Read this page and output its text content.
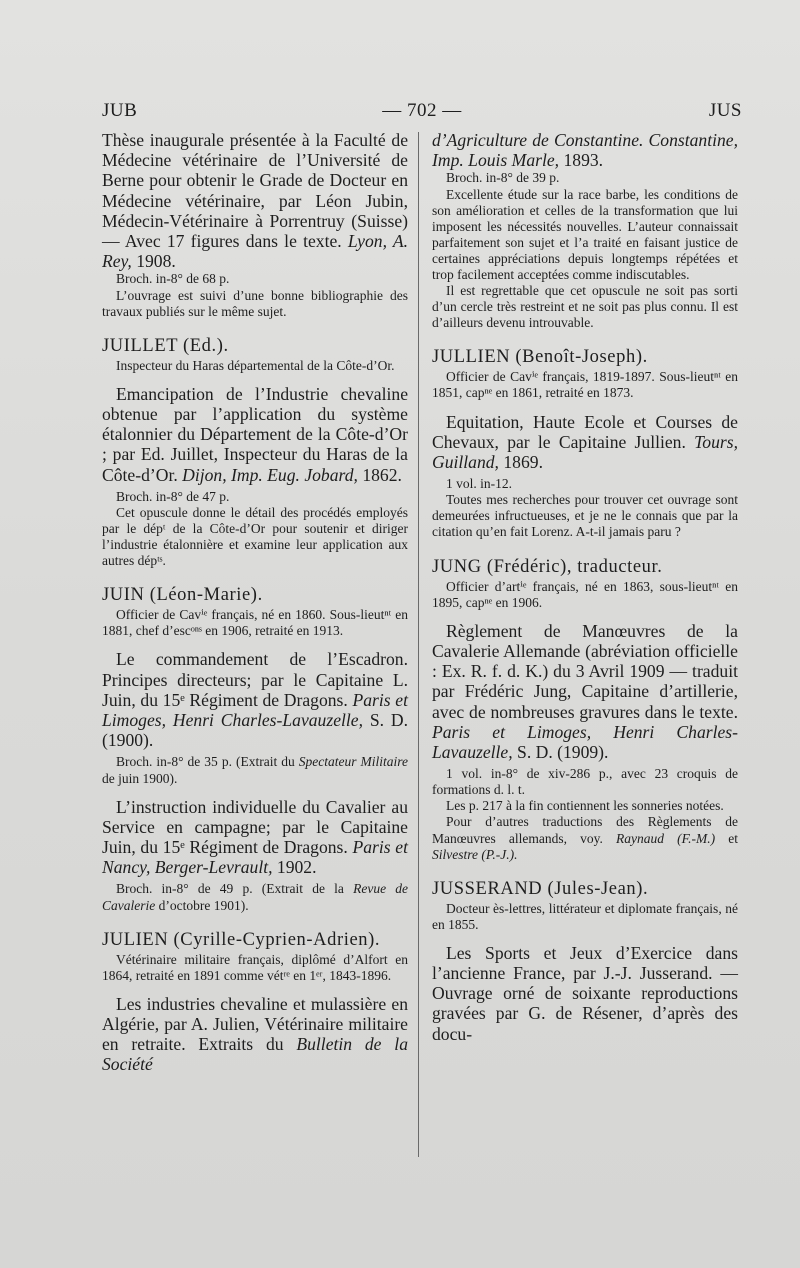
JUB	— 702 —	JUS

Thèse inaugurale présentée à la Faculté de Médecine vétérinaire de l’Université de Berne pour obtenir le Grade de Docteur en Médecine vétérinaire, par Léon Jubin, Médecin-Vétérinaire à Porrentruy (Suisse) — Avec 17 figures dans le texte. Lyon, A. Rey, 1908.

Broch. in-8° de 68 p.

L’ouvrage est suivi d’une bonne bibliographie des travaux publiés sur le même sujet.

JUILLET (Ed.).

Inspecteur du Haras départemental de la Côte-d’Or.

Emancipation de l’Industrie chevaline obtenue par l’application du système étalonnier du Département de la Côte-d’Or ; par Ed. Juillet, Inspecteur du Haras de la Côte-d’Or. Dijon, Imp. Eug. Jobard, 1862.

Broch. in-8° de 47 p.

Cet opuscule donne le détail des procédés employés par le dépᵗ de la Côte-d’Or pour soutenir et diriger l’industrie étalonnière et examine leur application aux autres dépᵗˢ.

JUIN (Léon-Marie).

Officier de Cavⁱᵉ français, né en 1860. Sous-lieutⁿᵗ en 1881, chef d’escᵒⁿˢ en 1906, retraité en 1913.

Le commandement de l’Escadron. Principes directeurs; par le Capitaine L. Juin, du 15ᵉ Régiment de Dragons. Paris et Limoges, Henri Charles-Lavauzelle, S. D. (1900).

Broch. in-8° de 35 p. (Extrait du Spectateur Militaire de juin 1900).

L’instruction individuelle du Cavalier au Service en campagne; par le Capitaine Juin, du 15ᵉ Régiment de Dragons. Paris et Nancy, Berger-Levrault, 1902.

Broch. in-8° de 49 p. (Extrait de la Revue de Cavalerie d’octobre 1901).

JULIEN (Cyrille-Cyprien-Adrien).

Vétérinaire militaire français, diplômé d’Alfort en 1864, retraité en 1891 comme vétʳᵉ en 1ᵉʳ, 1843-1896.

Les industries chevaline et mulassière en Algérie, par A. Julien, Vétérinaire militaire en retraite. Extraits du Bulletin de la Société

d’Agriculture de Constantine. Constantine, Imp. Louis Marle, 1893.

Broch. in-8° de 39 p.

Excellente étude sur la race barbe, les conditions de son amélioration et celles de la transformation que lui imposent les nécessités nouvelles. L’auteur connaissait parfaitement son sujet et l’a traité en faisant justice de certaines appréciations depuis longtemps répétées et trop facilement acceptées comme indiscutables.

Il est regrettable que cet opuscule ne soit pas sorti d’un cercle très restreint et ne soit pas plus connu. Il est d’ailleurs devenu introuvable.

JULLIEN (Benoît-Joseph).

Officier de Cavⁱᵉ français, 1819-1897. Sous-lieutⁿᵗ en 1851, capⁿᵉ en 1861, retraité en 1873.

Equitation, Haute Ecole et Courses de Chevaux, par le Capitaine Jullien. Tours, Guilland, 1869.

1 vol. in-12.

Toutes mes recherches pour trouver cet ouvrage sont demeurées infructueuses, et je ne le connais que par la citation qu’en fait Lorenz. A-t-il jamais paru ?

JUNG (Frédéric), traducteur.

Officier d’artⁱᵉ français, né en 1863, sous-lieutⁿᵗ en 1895, capⁿᵉ en 1906.

Règlement de Manœuvres de la Cavalerie Allemande (abréviation officielle : Ex. R. f. d. K.) du 3 Avril 1909 — traduit par Frédéric Jung, Capitaine d’artillerie, avec de nombreuses gravures dans le texte. Paris et Limoges, Henri Charles-Lavauzelle, S. D. (1909).

1 vol. in-8° de xiv-286 p., avec 23 croquis de formations d. l. t.

Les p. 217 à la fin contiennent les sonneries notées.

Pour d’autres traductions des Règlements de Manœuvres allemands, voy. Raynaud (F.-M.) et Silvestre (P.-J.).

JUSSERAND (Jules-Jean).

Docteur ès-lettres, littérateur et diplomate français, né en 1855.

Les Sports et Jeux d’Exercice dans l’ancienne France, par J.-J. Jusserand. — Ouvrage orné de soixante reproductions gravées par G. de Résener, d’après des docu-
